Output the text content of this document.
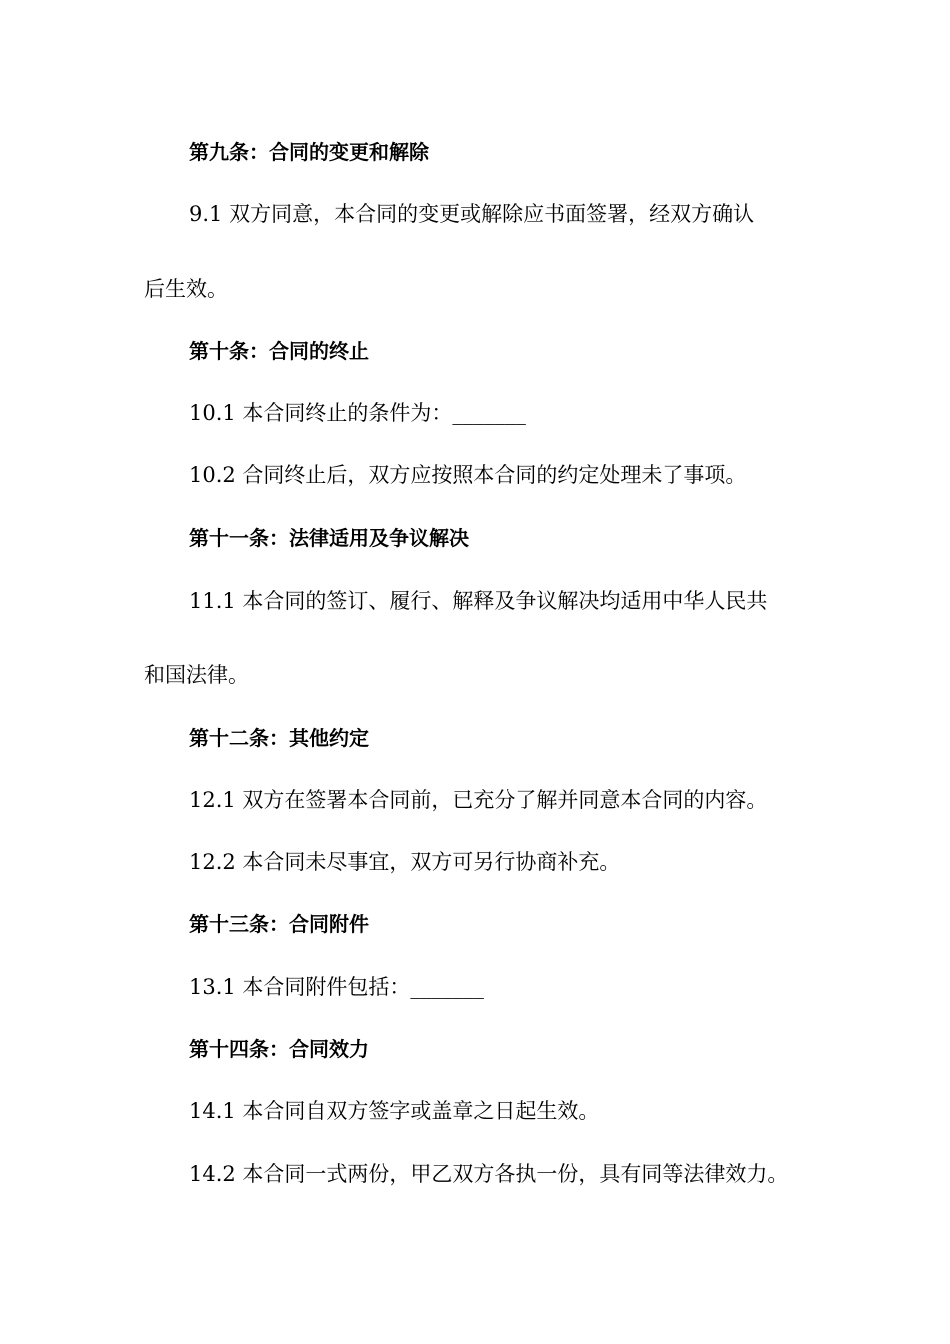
第九条：合同的变更和解除
9.1 双方同意，本合同的变更或解除应书面签署，经双方确认
后生效。
第十条：合同的终止
10.1 本合同终止的条件为：_______
10.2 合同终止后，双方应按照本合同的约定处理未了事项。
第十一条：法律适用及争议解决
11.1 本合同的签订、履行、解释及争议解决均适用中华人民共
和国法律。
第十二条：其他约定
12.1 双方在签署本合同前，已充分了解并同意本合同的内容。
12.2 本合同未尽事宜，双方可另行协商补充。
第十三条：合同附件
13.1 本合同附件包括：_______
第十四条：合同效力
14.1 本合同自双方签字或盖章之日起生效。
14.2 本合同一式两份，甲乙双方各执一份，具有同等法律效力。
